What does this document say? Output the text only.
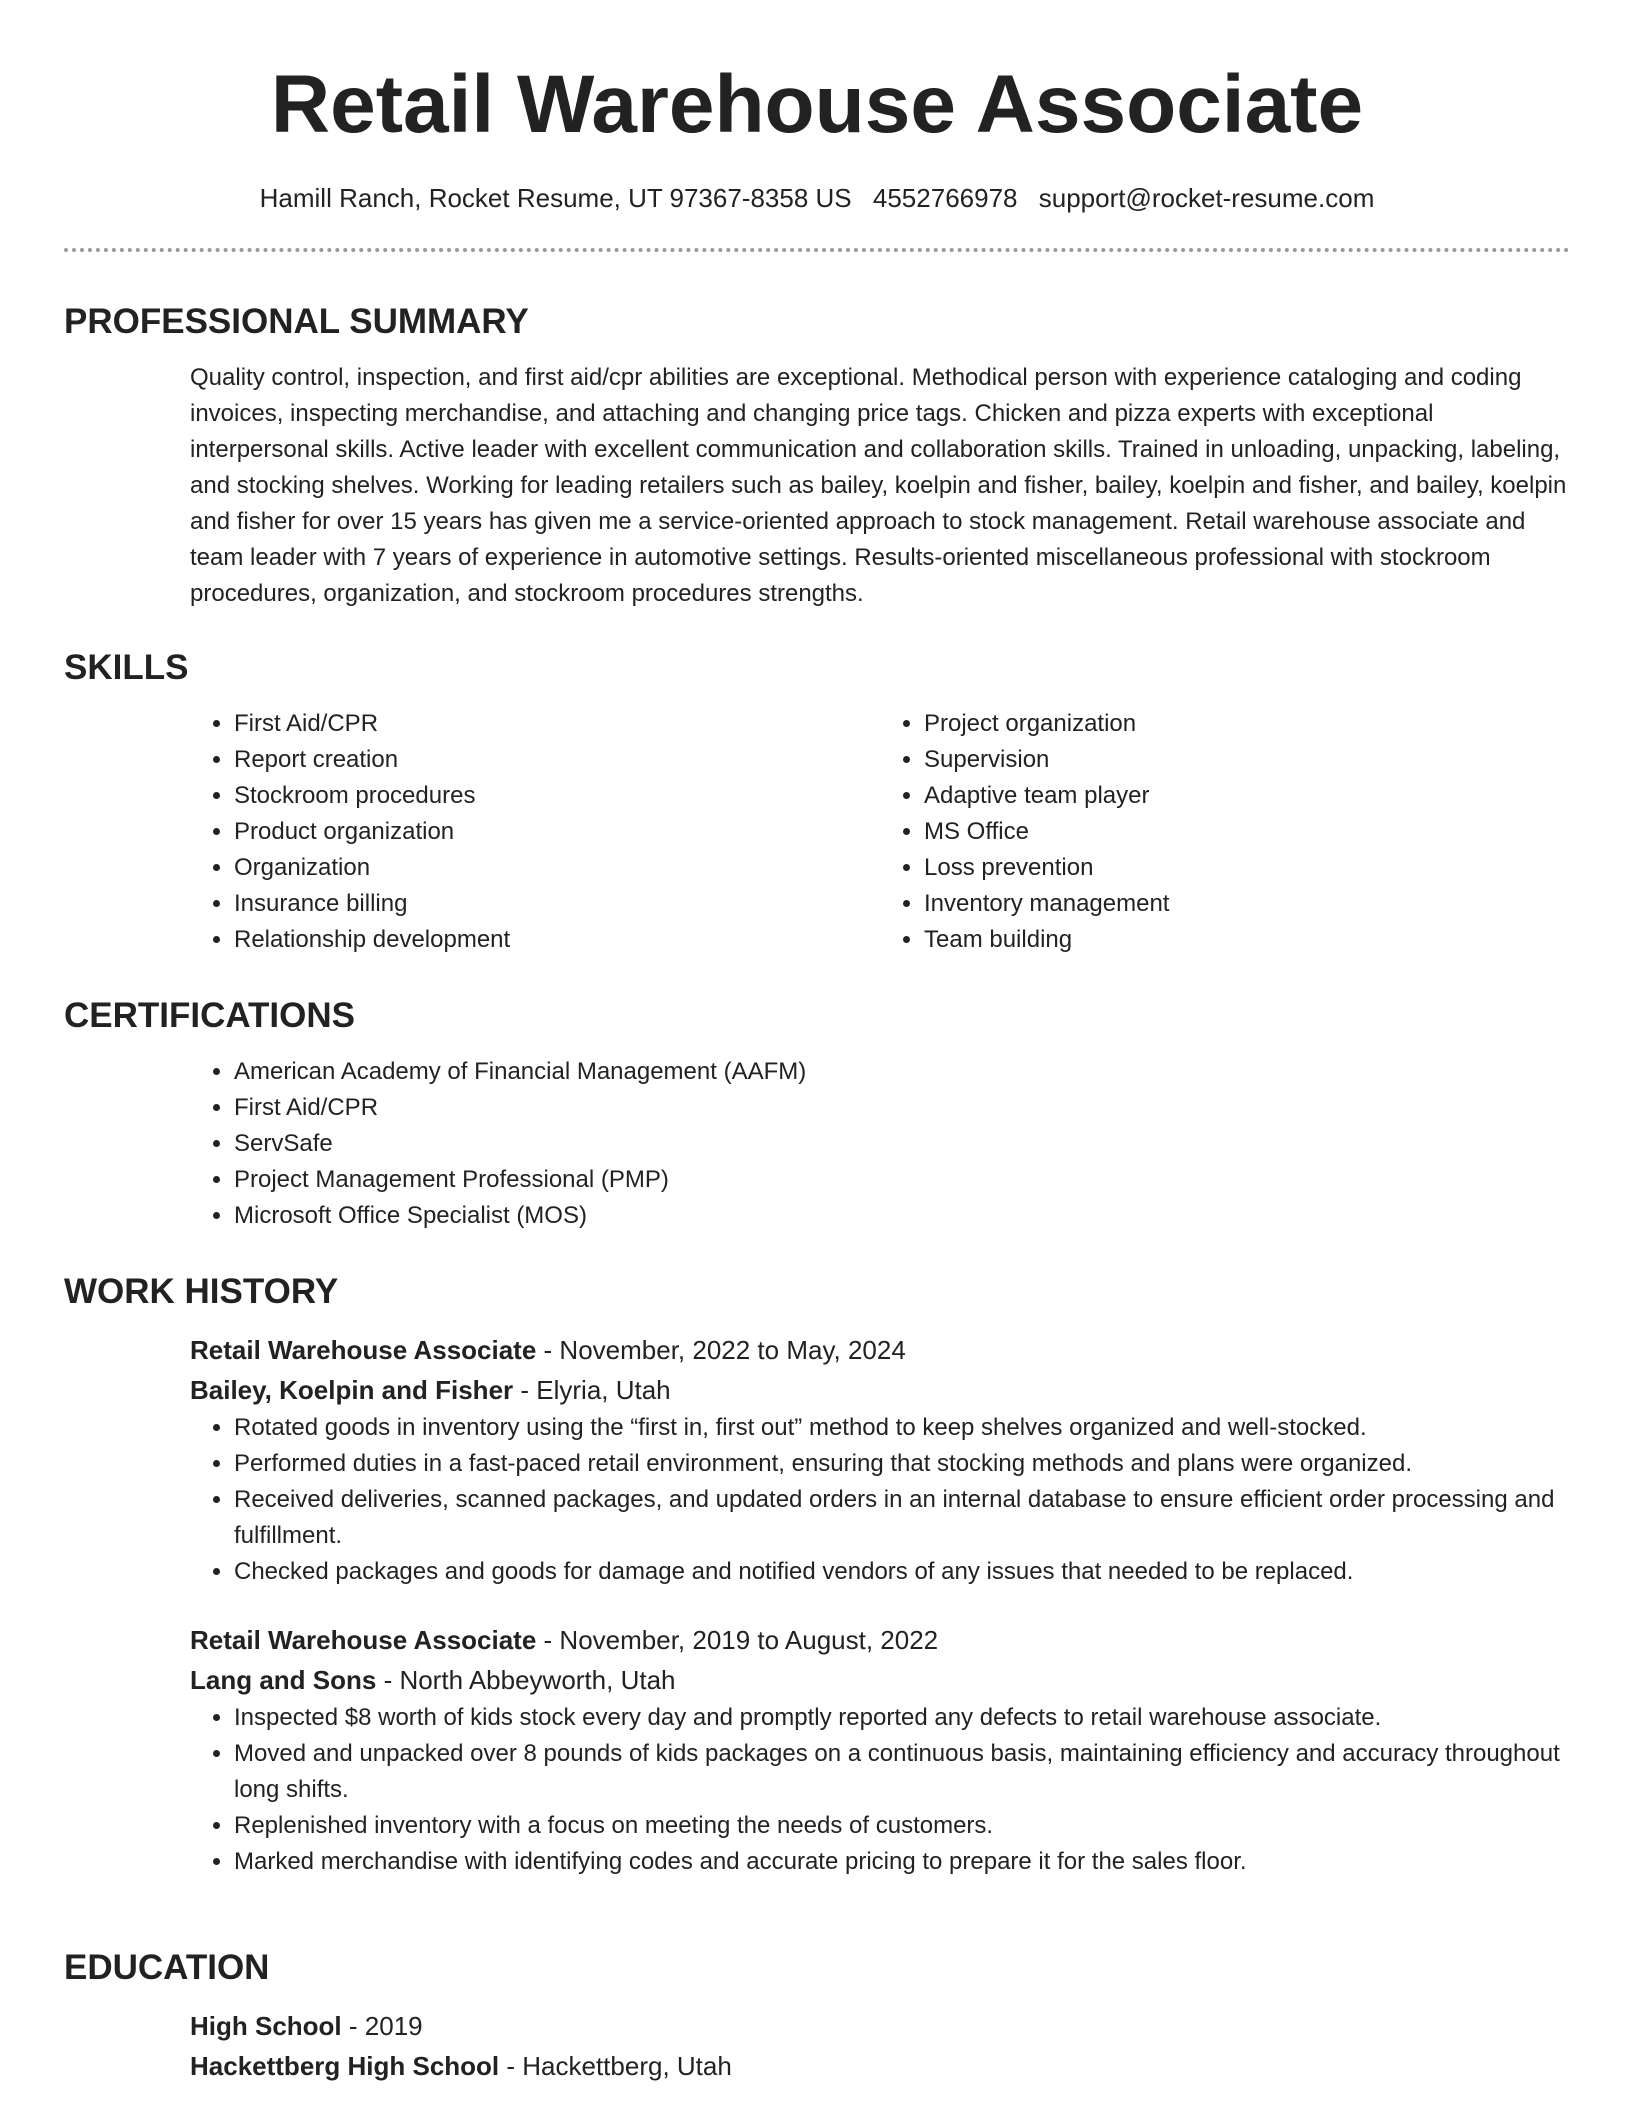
Retail Warehouse Associate
Hamill Ranch, Rocket Resume, UT 97367-8358 US 4552766978 support@rocket-resume.com
PROFESSIONAL SUMMARY

Quality control, inspection, and first aid/cpr abilities are exceptional. Methodical person with experience cataloging and coding invoices, inspecting merchandise, and attaching and changing price tags. Chicken and pizza experts with exceptional interpersonal skills. Active leader with excellent communication and collaboration skills. Trained in unloading, unpacking, labeling, and stocking shelves. Working for leading retailers such as bailey, koelpin and fisher, bailey, koelpin and fisher, and bailey, koelpin and fisher for over 15 years has given me a service-oriented approach to stock management. Retail warehouse associate and team leader with 7 years of experience in automotive settings. Results-oriented miscellaneous professional with stockroom procedures, organization, and stockroom procedures strengths.

SKILLS
• First Aid/CPR
• Report creation
• Stockroom procedures
• Product organization
• Organization
• Insurance billing
• Relationship development
• Project organization
• Supervision
• Adaptive team player
• MS Office
• Loss prevention
• Inventory management
• Team building
CERTIFICATIONS
• American Academy of Financial Management (AAFM)
• First Aid/CPR
• ServSafe
• Project Management Professional (PMP)
• Microsoft Office Specialist (MOS)
WORK HISTORY
Retail Warehouse Associate - November, 2022 to May, 2024
Bailey, Koelpin and Fisher - Elyria, Utah
• Rotated goods in inventory using the “first in, first out” method to keep shelves organized and well-stocked.
• Performed duties in a fast-paced retail environment, ensuring that stocking methods and plans were organized.
• Received deliveries, scanned packages, and updated orders in an internal database to ensure efficient order processing and fulfillment.
• Checked packages and goods for damage and notified vendors of any issues that needed to be replaced.
Retail Warehouse Associate - November, 2019 to August, 2022
Lang and Sons - North Abbeyworth, Utah
• Inspected $8 worth of kids stock every day and promptly reported any defects to retail warehouse associate.
• Moved and unpacked over 8 pounds of kids packages on a continuous basis, maintaining efficiency and accuracy throughout long shifts.
• Replenished inventory with a focus on meeting the needs of customers.
• Marked merchandise with identifying codes and accurate pricing to prepare it for the sales floor.
EDUCATION
High School - 2019
Hackettberg High School - Hackettberg, Utah
